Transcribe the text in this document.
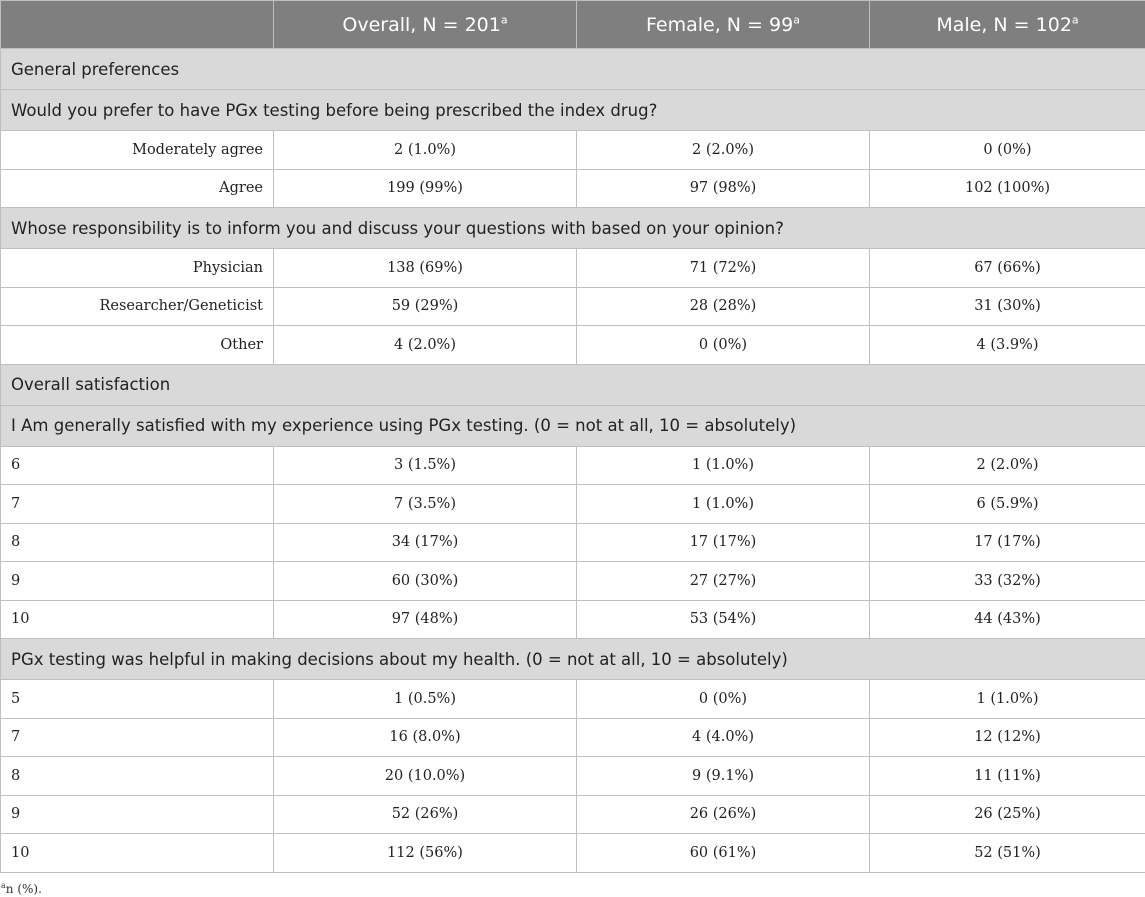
	Overall, $N = 201^a$	Female, $N = 99^a$	Male, $N = 102^a$
General preferences			
Would you prefer to have PGx testing before being prescribed the index drug?			
Moderately agree	2 (1.0%)	2 (2.0%)	0 (0%)
Agree	199 (99%)	97 (98%)	102 (100%)
Whose responsibility is to inform you and discuss your questions with based on your opinion?			
Physician	138 (69%)	71 (72%)	67 (66%)
Researcher/Geneticist	59 (29%)	28 (28%)	31 (30%)
Other	4 (2.0%)	0 (0%)	4 (3.9%)
Overall satisfaction			
I Am generally satisfied with my experience using PGx testing. (0 = not at all, 10 = absolutely)			
6	3 (1.5%)	1 (1.0%)	2 (2.0%)
7	7 (3.5%)	1 (1.0%)	6 (5.9%)
8	34 (17%)	17 (17%)	17 (17%)
9	60 (30%)	27 (27%)	33 (32%)
10	97 (48%)	53 (54%)	44 (43%)
PGx testing was helpful in making decisions about my health. (0 = not at all, 10 = absolutely)			
5	1 (0.5%)	0 (0%)	1 (1.0%)
7	16 (8.0%)	4 (4.0%)	12 (12%)
8	20 (10.0%)	9 (9.1%)	11 (11%)
9	52 (26%)	26 (26%)	26 (25%)
10	112 (56%)	60 (61%)	52 (51%)
$^a$n (%).
